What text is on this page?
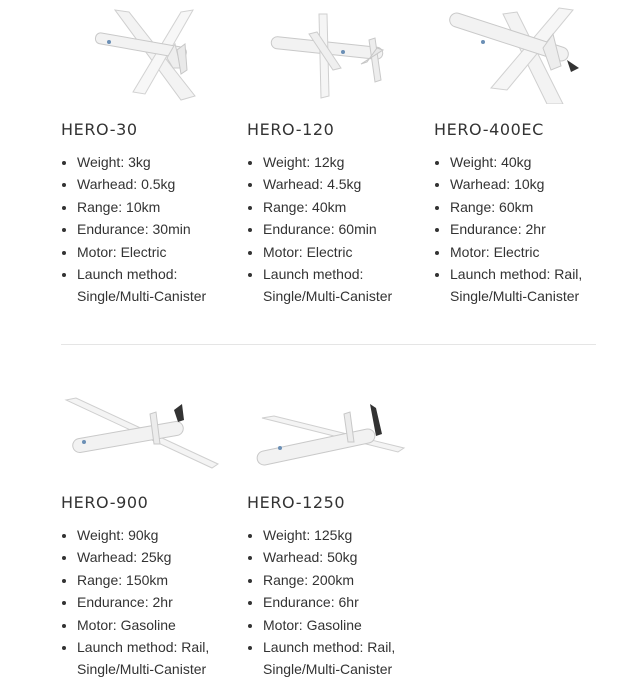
HERO-30
• Weight: 3kg
• Warhead: 0.5kg
• Range: 10km
• Endurance: 30min
• Motor: Electric
• Launch method: Single/Multi-Canister
HERO-120
• Weight: 12kg
• Warhead: 4.5kg
• Range: 40km
• Endurance: 60min
• Motor: Electric
• Launch method: Single/Multi-Canister
HERO-400EC
• Weight: 40kg
• Warhead: 10kg
• Range: 60km
• Endurance: 2hr
• Motor: Electric
• Launch method: Rail, Single/Multi-Canister
HERO-900
• Weight: 90kg
• Warhead: 25kg
• Range: 150km
• Endurance: 2hr
• Motor: Gasoline
• Launch method: Rail, Single/Multi-Canister
HERO-1250
• Weight: 125kg
• Warhead: 50kg
• Range: 200km
• Endurance: 6hr
• Motor: Gasoline
• Launch method: Rail, Single/Multi-Canister
